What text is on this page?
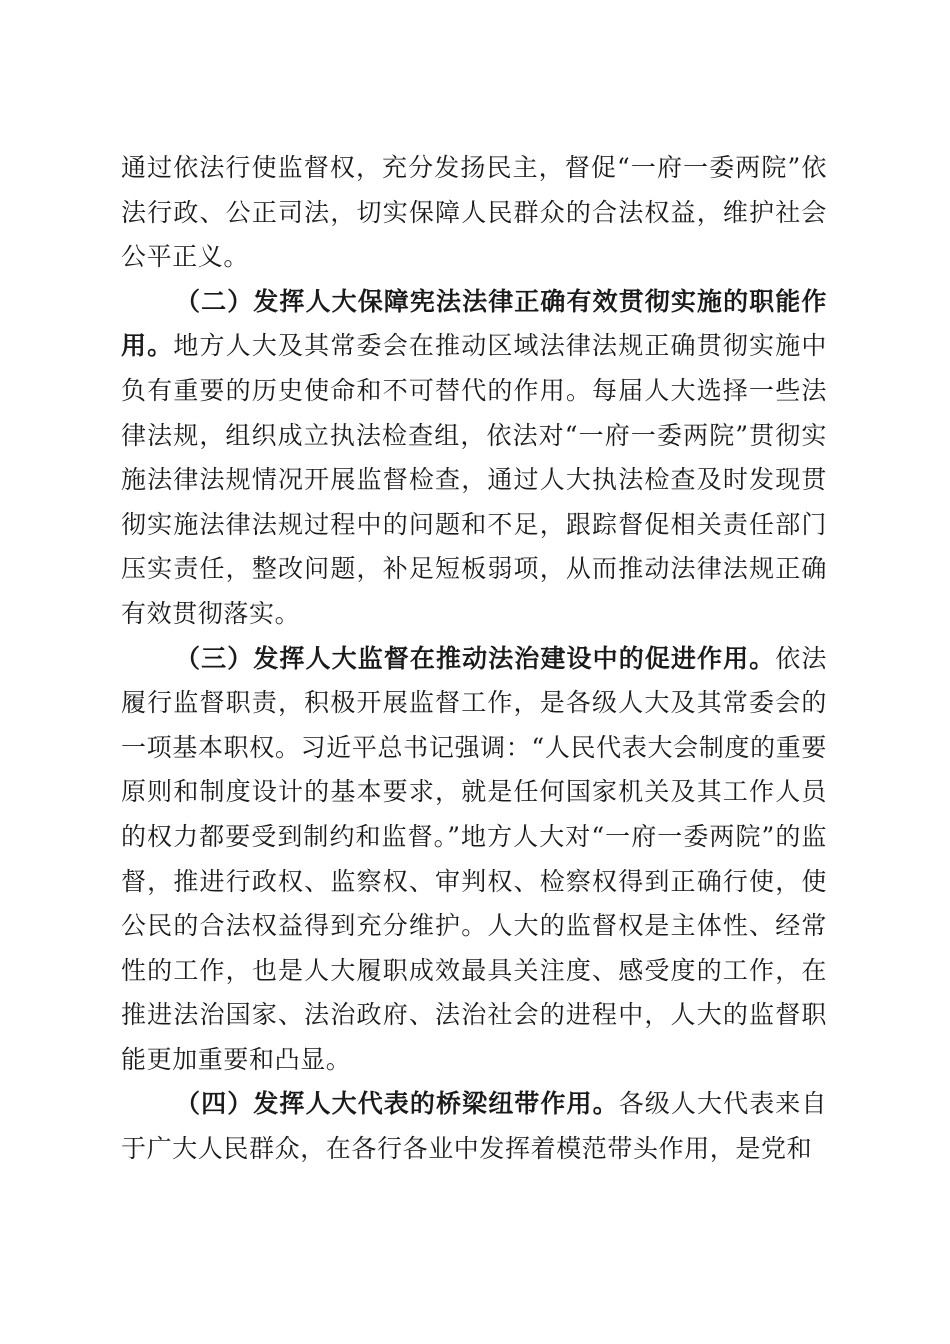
通过依法行使监督权，充分发扬民主，督促“一府一委两院”依法行政、公正司法，切实保障人民群众的合法权益，维护社会公平正义。

（二）发挥人大保障宪法法律正确有效贯彻实施的职能作用。地方人大及其常委会在推动区域法律法规正确贯彻实施中负有重要的历史使命和不可替代的作用。每届人大选择一些法律法规，组织成立执法检查组，依法对“一府一委两院”贯彻实施法律法规情况开展监督检查，通过人大执法检查及时发现贯彻实施法律法规过程中的问题和不足，跟踪督促相关责任部门压实责任，整改问题，补足短板弱项，从而推动法律法规正确有效贯彻落实。

（三）发挥人大监督在推动法治建设中的促进作用。依法履行监督职责，积极开展监督工作，是各级人大及其常委会的一项基本职权。习近平总书记强调：“人民代表大会制度的重要原则和制度设计的基本要求，就是任何国家机关及其工作人员的权力都要受到制约和监督。”地方人大对“一府一委两院”的监督，推进行政权、监察权、审判权、检察权得到正确行使，使公民的合法权益得到充分维护。人大的监督权是主体性、经常性的工作，也是人大履职成效最具关注度、感受度的工作，在推进法治国家、法治政府、法治社会的进程中，人大的监督职能更加重要和凸显。

（四）发挥人大代表的桥梁纽带作用。各级人大代表来自于广大人民群众，在各行各业中发挥着模范带头作用，是党和
